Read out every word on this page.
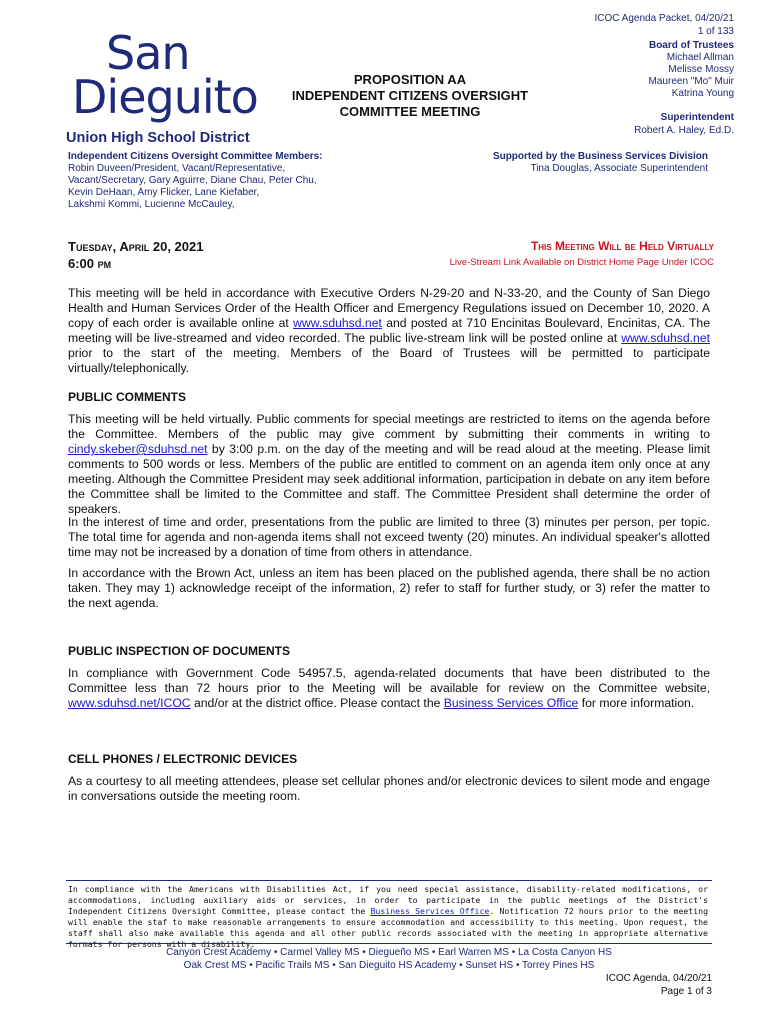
ICOC Agenda Packet, 04/20/21
1 of 133
Board of Trustees
Michael Allman
Melisse Mossy
Maureen "Mo" Muir
Katrina Young
Superintendent
Robert A. Haley, Ed.D.
San
Dieguito
Union High School District
PROPOSITION AA
INDEPENDENT CITIZENS OVERSIGHT
COMMITTEE MEETING
Independent Citizens Oversight Committee Members:
Robin Duveen/President, Vacant/Representative,
Vacant/Secretary, Gary Aguirre, Diane Chau, Peter Chu,
Kevin DeHaan, Amy Flicker, Lane Kiefaber,
Lakshmi Kommi, Lucienne McCauley,
Supported by the Business Services Division
Tina Douglas, Associate Superintendent
Tuesday, April 20, 2021
6:00 pm
This Meeting Will be Held Virtually
Live-Stream Link Available on District Home Page Under ICOC

This meeting will be held in accordance with Executive Orders N-29-20 and N-33-20, and the County of San Diego Health and Human Services Order of the Health Officer and Emergency Regulations issued on December 10, 2020. A copy of each order is available online at www.sduhsd.net and posted at 710 Encinitas Boulevard, Encinitas, CA. The meeting will be live-streamed and video recorded. The public live-stream link will be posted online at www.sduhsd.net prior to the start of the meeting. Members of the Board of Trustees will be permitted to participate virtually/telephonically.

PUBLIC COMMENTS

This meeting will be held virtually. Public comments for special meetings are restricted to items on the agenda before the Committee. Members of the public may give comment by submitting their comments in writing to cindy.skeber@sduhsd.net by 3:00 p.m. on the day of the meeting and will be read aloud at the meeting. Please limit comments to 500 words or less. Members of the public are entitled to comment on an agenda item only once at any meeting. Although the Committee President may seek additional information, participation in debate on any item before the Committee shall be limited to the Committee and staff. The Committee President shall determine the order of speakers.

In the interest of time and order, presentations from the public are limited to three (3) minutes per person, per topic. The total time for agenda and non-agenda items shall not exceed twenty (20) minutes. An individual speaker's allotted time may not be increased by a donation of time from others in attendance.

In accordance with the Brown Act, unless an item has been placed on the published agenda, there shall be no action taken. They may 1) acknowledge receipt of the information, 2) refer to staff for further study, or 3) refer the matter to the next agenda.

PUBLIC INSPECTION OF DOCUMENTS

In compliance with Government Code 54957.5, agenda-related documents that have been distributed to the Committee less than 72 hours prior to the Meeting will be available for review on the Committee website, www.sduhsd.net/ICOC and/or at the district office. Please contact the Business Services Office for more information.

CELL PHONES / ELECTRONIC DEVICES

As a courtesy to all meeting attendees, please set cellular phones and/or electronic devices to silent mode and engage in conversations outside the meeting room.

In compliance with the Americans with Disabilities Act, if you need special assistance, disability-related modifications, or accommodations, including auxiliary aids or services, in order to participate in the public meetings of the District's Independent Citizens Oversight Committee, please contact the Business Services Office. Notification 72 hours prior to the meeting will enable the staf to make reasonable arrangements to ensure accommodation and accessibility to this meeting. Upon request, the staff shall also make available this agenda and all other public records associated with the meeting in appropriate alternative formats for persons with a disability.

Canyon Crest Academy • Carmel Valley MS • Diegueño MS • Earl Warren MS • La Costa Canyon HS
Oak Crest MS • Pacific Trails MS • San Dieguito HS Academy • Sunset HS • Torrey Pines HS
ICOC Agenda, 04/20/21
Page 1 of 3
